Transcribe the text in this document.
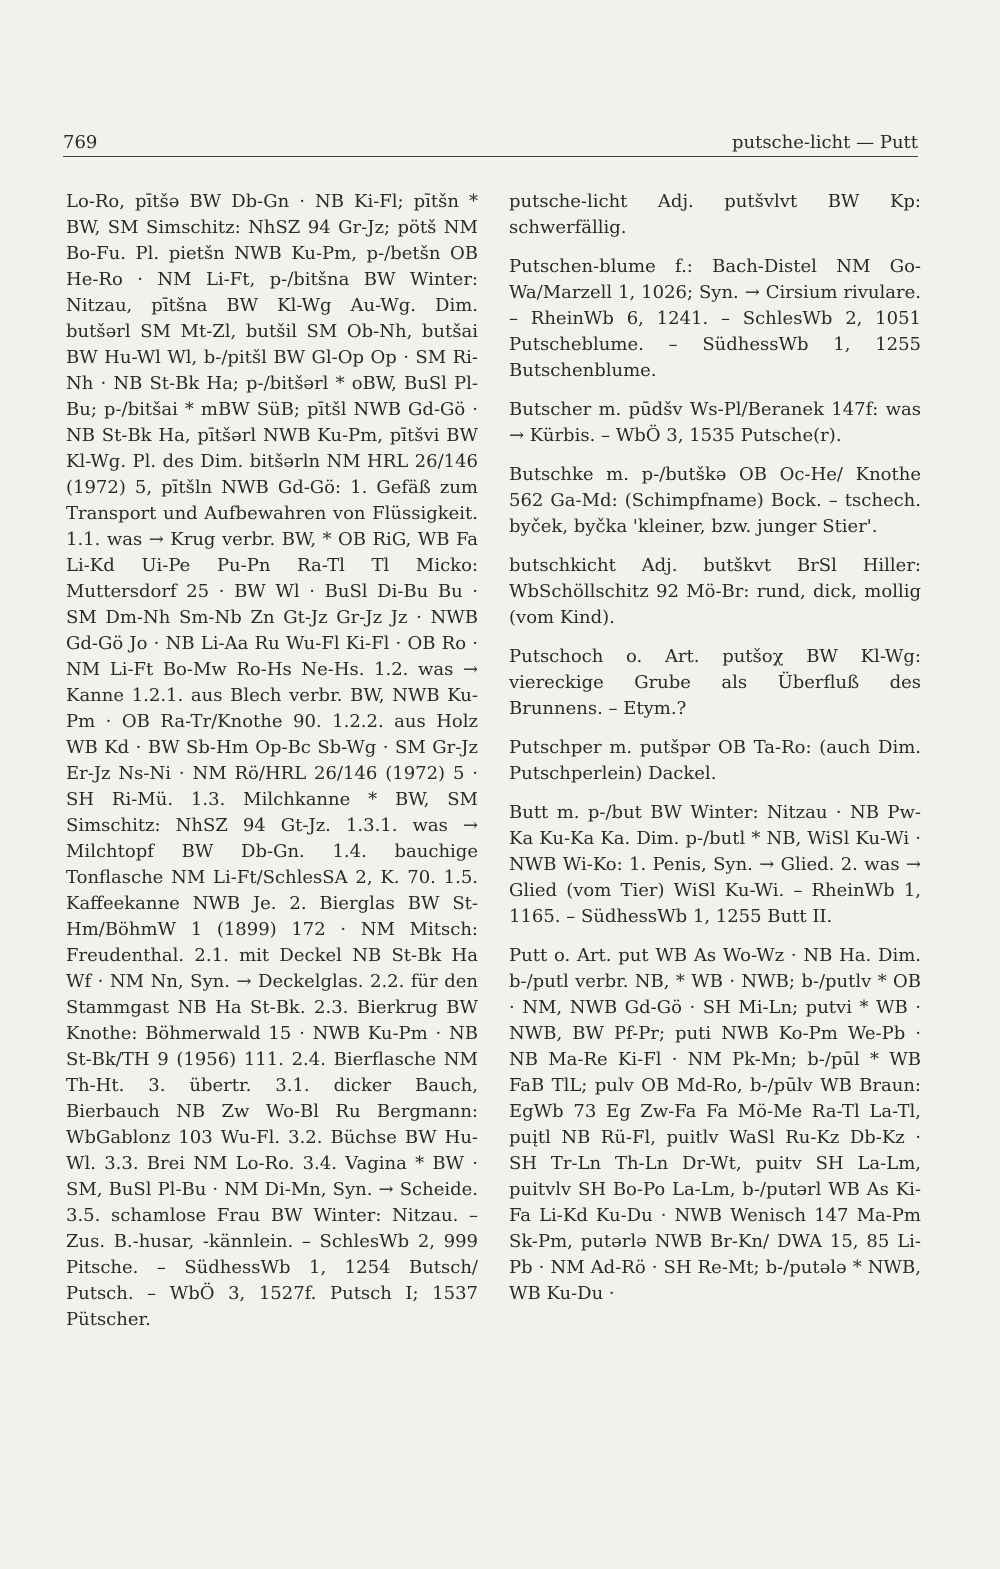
769	putsche-licht — Putt

Lo-Ro, pītšə BW Db-Gn · NB Ki-Fl; pītšn * BW, SM Simschitz: NhSZ 94 Gr-Jz; pötš NM Bo-Fu. Pl. pietšn NWB Ku-Pm, p-/betšn OB He-Ro · NM Li-Ft, p-/bitšna BW Winter: Nitzau, pītšna BW Kl-Wg Au-Wg. Dim. butšərl SM Mt-Zl, butšil SM Ob-Nh, butšai BW Hu-Wl Wl, b-/pitšl BW Gl-Op Op · SM Ri-Nh · NB St-Bk Ha; p-/bitšərl * oBW, BuSl Pl-Bu; p-/bitšai * mBW SüB; pītšl NWB Gd-Gö · NB St-Bk Ha, pītšərl NWB Ku-Pm, pītšvi BW Kl-Wg. Pl. des Dim. bitšərln NM HRL 26/146 (1972) 5, pītšln NWB Gd-Gö: 1. Gefäß zum Transport und Aufbewahren von Flüssigkeit. 1.1. was → Krug verbr. BW, * OB RiG, WB Fa Li-Kd Ui-Pe Pu-Pn Ra-Tl Tl Micko: Muttersdorf 25 · BW Wl · BuSl Di-Bu Bu · SM Dm-Nh Sm-Nb Zn Gt-Jz Gr-Jz Jz · NWB Gd-Gö Jo · NB Li-Aa Ru Wu-Fl Ki-Fl · OB Ro · NM Li-Ft Bo-Mw Ro-Hs Ne-Hs. 1.2. was → Kanne 1.2.1. aus Blech verbr. BW, NWB Ku-Pm · OB Ra-Tr/Knothe 90. 1.2.2. aus Holz WB Kd · BW Sb-Hm Op-Bc Sb-Wg · SM Gr-Jz Er-Jz Ns-Ni · NM Rö/HRL 26/146 (1972) 5 · SH Ri-Mü. 1.3. Milchkanne * BW, SM Simschitz: NhSZ 94 Gt-Jz. 1.3.1. was → Milchtopf BW Db-Gn. 1.4. bauchige Tonflasche NM Li-Ft/SchlesSA 2, K. 70. 1.5. Kaffeekanne NWB Je. 2. Bierglas BW St-Hm/BöhmW 1 (1899) 172 · NM Mitsch: Freudenthal. 2.1. mit Deckel NB St-Bk Ha Wf · NM Nn, Syn. → Deckelglas. 2.2. für den Stammgast NB Ha St-Bk. 2.3. Bierkrug BW Knothe: Böhmerwald 15 · NWB Ku-Pm · NB St-Bk/TH 9 (1956) 111. 2.4. Bierflasche NM Th-Ht. 3. übertr. 3.1. dicker Bauch, Bierbauch NB Zw Wo-Bl Ru Bergmann: WbGablonz 103 Wu-Fl. 3.2. Büchse BW Hu-Wl. 3.3. Brei NM Lo-Ro. 3.4. Vagina * BW · SM, BuSl Pl-Bu · NM Di-Mn, Syn. → Scheide. 3.5. schamlose Frau BW Winter: Nitzau. – Zus. B.-husar, -kännlein. – SchlesWb 2, 999 Pitsche. – SüdhessWb 1, 1254 Butsch/ Putsch. – WbÖ 3, 1527f. Putsch I; 1537 Pütscher.

putsche-licht Adj. putšvlvt BW Kp: schwerfällig.

Putschen-blume f.: Bach-Distel NM Go-Wa/Marzell 1, 1026; Syn. → Cirsium rivulare. – RheinWb 6, 1241. – SchlesWb 2, 1051 Putscheblume. – SüdhessWb 1, 1255 Butschenblume.

Butscher m. pūdšv Ws-Pl/Beranek 147f: was → Kürbis. – WbÖ 3, 1535 Putsche(r).

Butschke m. p-/butškə OB Oc-He/ Knothe 562 Ga-Md: (Schimpfname) Bock. – tschech. byček, byčka 'kleiner, bzw. junger Stier'.

butschkicht Adj. butškvt BrSl Hiller: WbSchöllschitz 92 Mö-Br: rund, dick, mollig (vom Kind).

Putschoch o. Art. putšoχ BW Kl-Wg: viereckige Grube als Überfluß des Brunnens. – Etym.?

Putschper m. putšpər OB Ta-Ro: (auch Dim. Putschperlein) Dackel.

Butt m. p-/but BW Winter: Nitzau · NB Pw-Ka Ku-Ka Ka. Dim. p-/butl * NB, WiSl Ku-Wi · NWB Wi-Ko: 1. Penis, Syn. → Glied. 2. was → Glied (vom Tier) WiSl Ku-Wi. – RheinWb 1, 1165. – SüdhessWb 1, 1255 Butt II.

Putt o. Art. put WB As Wo-Wz · NB Ha. Dim. b-/putl verbr. NB, * WB · NWB; b-/putlv * OB · NM, NWB Gd-Gö · SH Mi-Ln; putvi * WB · NWB, BW Pf-Pr; puti NWB Ko-Pm We-Pb · NB Ma-Re Ki-Fl · NM Pk-Mn; b-/pūl * WB FaB TlL; pulv OB Md-Ro, b-/pūlv WB Braun: EgWb 73 Eg Zw-Fa Fa Mö-Me Ra-Tl La-Tl, puįtl NB Rü-Fl, puitlv WaSl Ru-Kz Db-Kz · SH Tr-Ln Th-Ln Dr-Wt, puitv SH La-Lm, puitvlv SH Bo-Po La-Lm, b-/putərl WB As Ki-Fa Li-Kd Ku-Du · NWB Wenisch 147 Ma-Pm Sk-Pm, putərlə NWB Br-Kn/ DWA 15, 85 Li-Pb · NM Ad-Rö · SH Re-Mt; b-/putələ * NWB, WB Ku-Du ·
